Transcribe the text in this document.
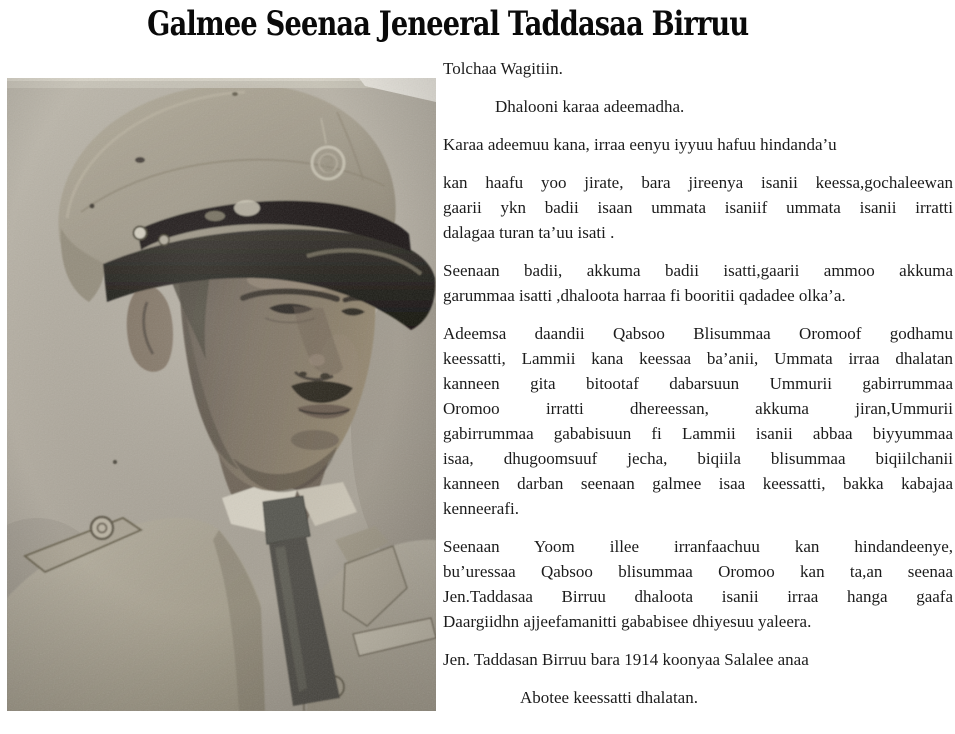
Galmee Seenaa Jeneeral Taddasaa Birruu
Tolchaa Wagitiin.
Dhalooni karaa adeemadha.
Karaa adeemuu kana, irraa eenyu iyyuu hafuu hindanda’u
kan haafu yoo jirate, bara jireenya isanii keessa,gochaleewan
gaarii ykn badii isaan ummata isaniif ummata isanii irratti
dalagaa turan ta’uu isati .
Seenaan badii, akkuma badii isatti,gaarii ammoo akkuma
garummaa isatti ,dhaloota harraa fi booritii qadadee olka’a.
Adeemsa daandii Qabsoo Blisummaa Oromoof godhamu
keessatti, Lammii kana keessaa ba’anii, Ummata irraa dhalatan
kanneen gita bitootaf dabarsuun Ummurii gabirrummaa
Oromoo irratti dhereessan, akkuma jiran,Ummurii
gabirrummaa gababisuun fi Lammii isanii abbaa biyyummaa
isaa, dhugoomsuuf jecha, biqiila blisummaa biqiilchanii
kanneen darban seenaan galmee isaa keessatti, bakka kabajaa
kenneerafi.
Seenaan Yoom illee irranfaachuu kan hindandeenye,
bu’uressaa Qabsoo blisummaa Oromoo kan ta,an seenaa
Jen.Taddasaa Birruu dhaloota isanii irraa hanga gaafa
Daargiidhn ajjeefamanitti gababisee dhiyesuu yaleera.
Jen. Taddasan Birruu bara 1914 koonyaa Salalee anaa
Abotee keessatti dhalatan.
